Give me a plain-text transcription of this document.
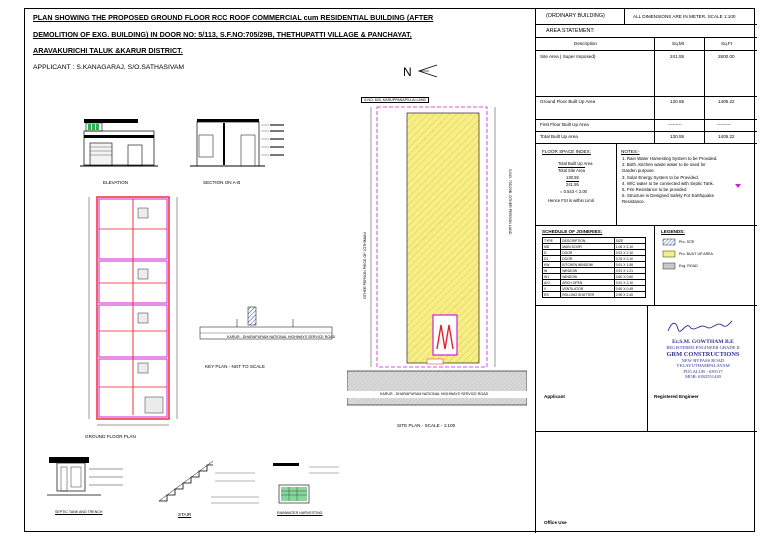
PLAN SHOWING THE PROPOSED GROUND FLOOR RCC ROOF COMMERCIAL cum RESIDENTIAL BUILDING (AFTER
DEMOLITION OF EXG. BUILDING) IN DOOR NO: 5/113, S.F.NO:705/29B, THETHUPATTI VILLAGE & PANCHAYAT,
ARAVAKURICHI TALUK &KARUR DISTRICT.
APPLICANT : S.KANAGARAJ, S/O.SATHASIVAM	N
ELEVATION	SECTION ON A-B
GROUND FLOOR PLAN
KARUR - DHARAPURAM NATIONAL HIGHWAYS SERVICE ROAD
KEY PLAN - NOT TO SCALE
S.NO: 643, KARUPPANAPILLAI LAND
KARUR - DHARAPURAM NATIONAL HIGHWAYS SERVICE ROAD
OTHER PERSON PIECE OF JOTHIMANI
S.NO: 705/29B, OTHER PERSON LAND
SITE PLAN - SCALE - 1:100
SEPTIC TANK AND TRENCH	STAIR	RAINWATER HARVESTING
(ORDINARY BUILDING)	ALL DIMENSIONS ARE IN METER. SCALE 1:100
AREA STATEMENT:
Description	Sq.Mt	Sq.Ft
Site Area ( Super Imposed)	241.55	2600.00
Ground Floor Built Up Area	130.55	1405.22
First Floor Built Up Area	---------	---------
Total Built Up Area	130.55	1405.22
FLOOR SPACE INDEX:
Total Built Up Area
Total Site Area
130.55
241.55
= 0.543 < 2.00
Hence FSI is within Limit
NOTES:-
1. Rain Water Harvesting System to be Provided.
2. Both .Kitchen waste water to be used for
Garden purpose.
3. Solar Energy System to be Provided.
4. W/C water to be connected with Septic Tank.
5. Fire Resistance to be provided
6. Structure is Designed Safety For Earthquake
Resistance.
SCHEDULE OF JOINERIES:
TYPE	DESCRIPTION	SIZE
MD	MAIN DOOR	1.06 X 2.10
D	DOOR	0.91 X 2.10
D1	DOOR	0.76 X 2.10
KW	KITCHEN WINDOW	0.91 X 1.06
W	WINDOW	0.91 X 1.21
W1	WINDOW	0.60 X 0.60
A/O	ARCH OPEN	0.91 X 2.10
V	VENTILATOR	0.60 X 0.45
RS	ROLLING SHUTTER	2.95 X 2.40
LEGENDS:
Pro. SITE
Pro. BUILT UP AREA
Exg. ROAD
Er.S.M. GOWTHAM B.E
REGISTERED ENGINEER GRADE II
GRM CONSTRUCTIONS
NEW BYPASS ROAD
VELAYUTHAMPALAYAM
PUGALUR - 639117
MOB: 6382551449
Applicant	Registered Engineer
Office Use
